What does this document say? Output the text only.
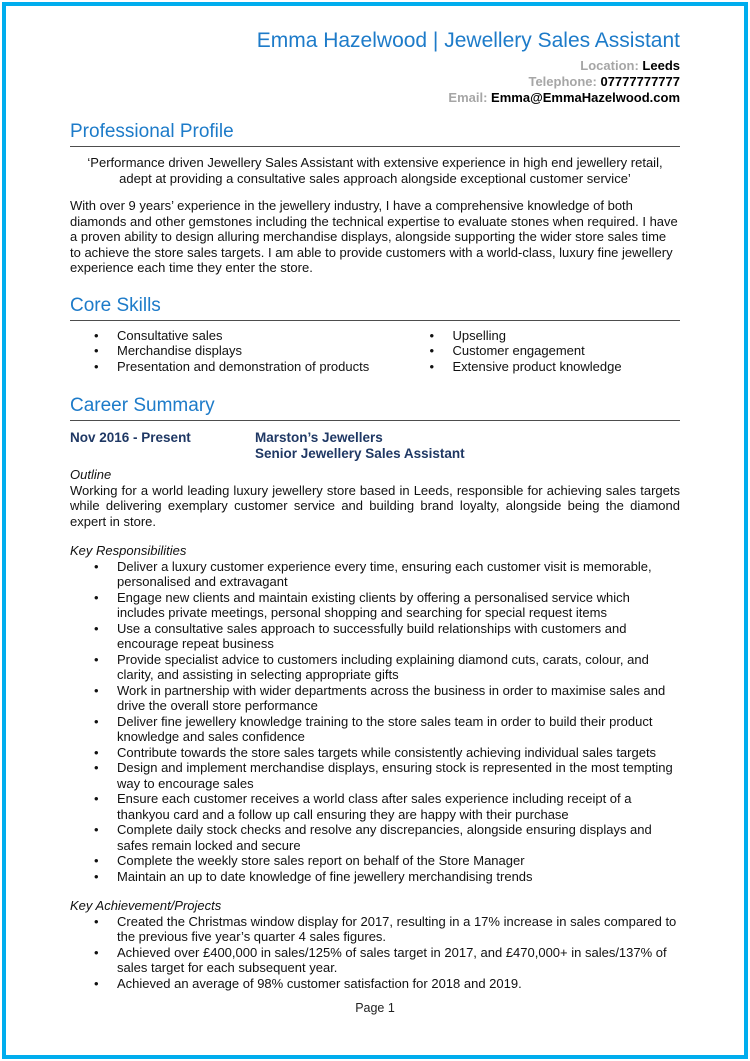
Emma Hazelwood | Jewellery Sales Assistant
Location: Leeds
Telephone: 07777777777
Email: Emma@EmmaHazelwood.com
Professional Profile
‘Performance driven Jewellery Sales Assistant with extensive experience in high end jewellery retail, adept at providing a consultative sales approach alongside exceptional customer service’

With over 9 years’ experience in the jewellery industry, I have a comprehensive knowledge of both diamonds and other gemstones including the technical expertise to evaluate stones when required. I have a proven ability to design alluring merchandise displays, alongside supporting the wider store sales time to achieve the store sales targets. I am able to provide customers with a world-class, luxury fine jewellery experience each time they enter the store.

Core Skills
• Consultative sales
• Merchandise displays
• Presentation and demonstration of products
• Upselling
• Customer engagement
• Extensive product knowledge
Career Summary
Nov 2016 - Present	Marston’s Jewellers
Senior Jewellery Sales Assistant
Outline

Working for a world leading luxury jewellery store based in Leeds, responsible for achieving sales targets while delivering exemplary customer service and building brand loyalty, alongside being the diamond expert in store.

Key Responsibilities
• Deliver a luxury customer experience every time, ensuring each customer visit is memorable, personalised and extravagant
• Engage new clients and maintain existing clients by offering a personalised service which includes private meetings, personal shopping and searching for special request items
• Use a consultative sales approach to successfully build relationships with customers and encourage repeat business
• Provide specialist advice to customers including explaining diamond cuts, carats, colour, and clarity, and assisting in selecting appropriate gifts
• Work in partnership with wider departments across the business in order to maximise sales and drive the overall store performance
• Deliver fine jewellery knowledge training to the store sales team in order to build their product knowledge and sales confidence
• Contribute towards the store sales targets while consistently achieving individual sales targets
• Design and implement merchandise displays, ensuring stock is represented in the most tempting way to encourage sales
• Ensure each customer receives a world class after sales experience including receipt of a thankyou card and a follow up call ensuring they are happy with their purchase
• Complete daily stock checks and resolve any discrepancies, alongside ensuring displays and safes remain locked and secure
• Complete the weekly store sales report on behalf of the Store Manager
• Maintain an up to date knowledge of fine jewellery merchandising trends
Key Achievement/Projects
• Created the Christmas window display for 2017, resulting in a 17% increase in sales compared to the previous five year’s quarter 4 sales figures.
• Achieved over £400,000 in sales/125% of sales target in 2017, and £470,000+ in sales/137% of sales target for each subsequent year.
• Achieved an average of 98% customer satisfaction for 2018 and 2019.
Page 1
